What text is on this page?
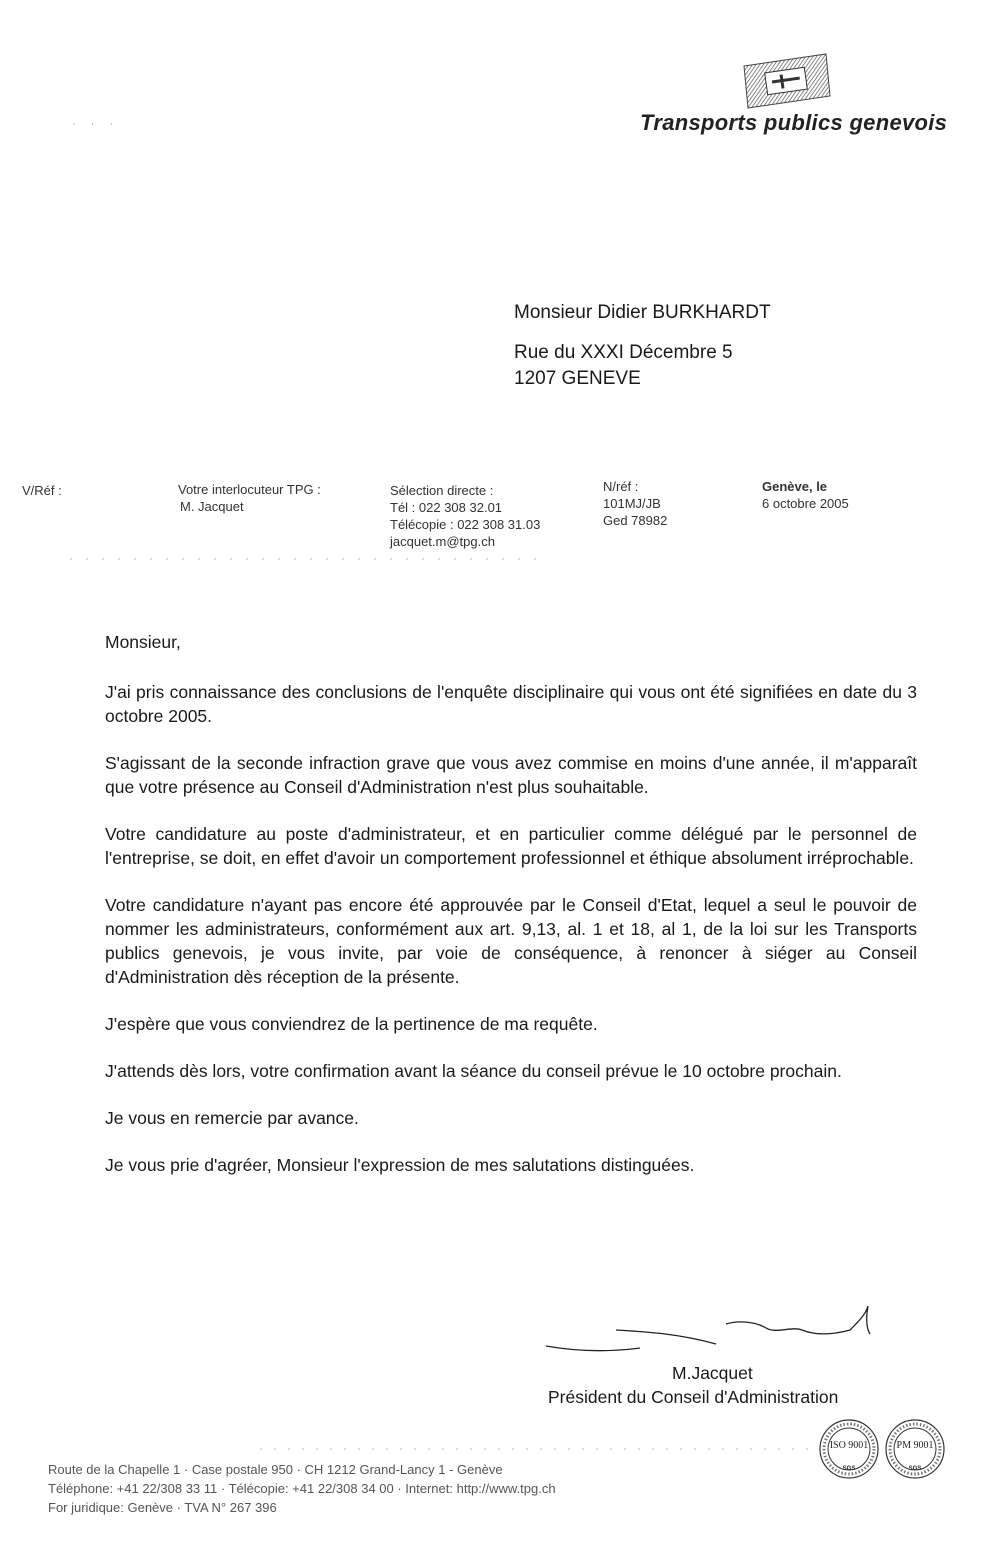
· · ·	Transports publics genevois
Monsieur Didier BURKHARDT
Rue du XXXI Décembre 5
1207 GENEVE
V/Réf :	Votre interlocuteur TPG :
M. Jacquet
Sélection directe :
Tél : 022 308 32.01
Télécopie : 022 308 31.03
jacquet.m@tpg.ch
N/réf :
101MJ/JB
Ged 78982
Genève, le
6 octobre 2005

Monsieur,

J'ai pris connaissance des conclusions de l'enquête disciplinaire qui vous ont été signifiées en date du 3 octobre 2005.

S'agissant de la seconde infraction grave que vous avez commise en moins d'une année, il m'apparaît que votre présence au Conseil d'Administration n'est plus souhaitable.

Votre candidature au poste d'administrateur, et en particulier comme délégué par le personnel de l'entreprise, se doit, en effet d'avoir un comportement professionnel et éthique absolument irréprochable.

Votre candidature n'ayant pas encore été approuvée par le Conseil d'Etat, lequel a seul le pouvoir de nommer les administrateurs, conformément aux art. 9,13, al. 1 et 18, al 1, de la loi sur les Transports publics genevois, je vous invite, par voie de conséquence, à renoncer à siéger au Conseil d'Administration dès réception de la présente.

J'espère que vous conviendrez de la pertinence de ma requête.

J'attends dès lors, votre confirmation avant la séance du conseil prévue le 10 octobre prochain.

Je vous en remercie par avance.

Je vous prie d'agréer, Monsieur l'expression de mes salutations distinguées.

M.Jacquet
Président du Conseil d'Administration
Route de la Chapelle 1 · Case postale 950 · CH 1212 Grand-Lancy 1 - Genève
Téléphone: +41 22/308 33 11 · Télécopie: +41 22/308 34 00 · Internet: http://www.tpg.ch
For juridique: Genève · TVA N° 267 396
ISO 9001
SGS
PM 9001
SGS
